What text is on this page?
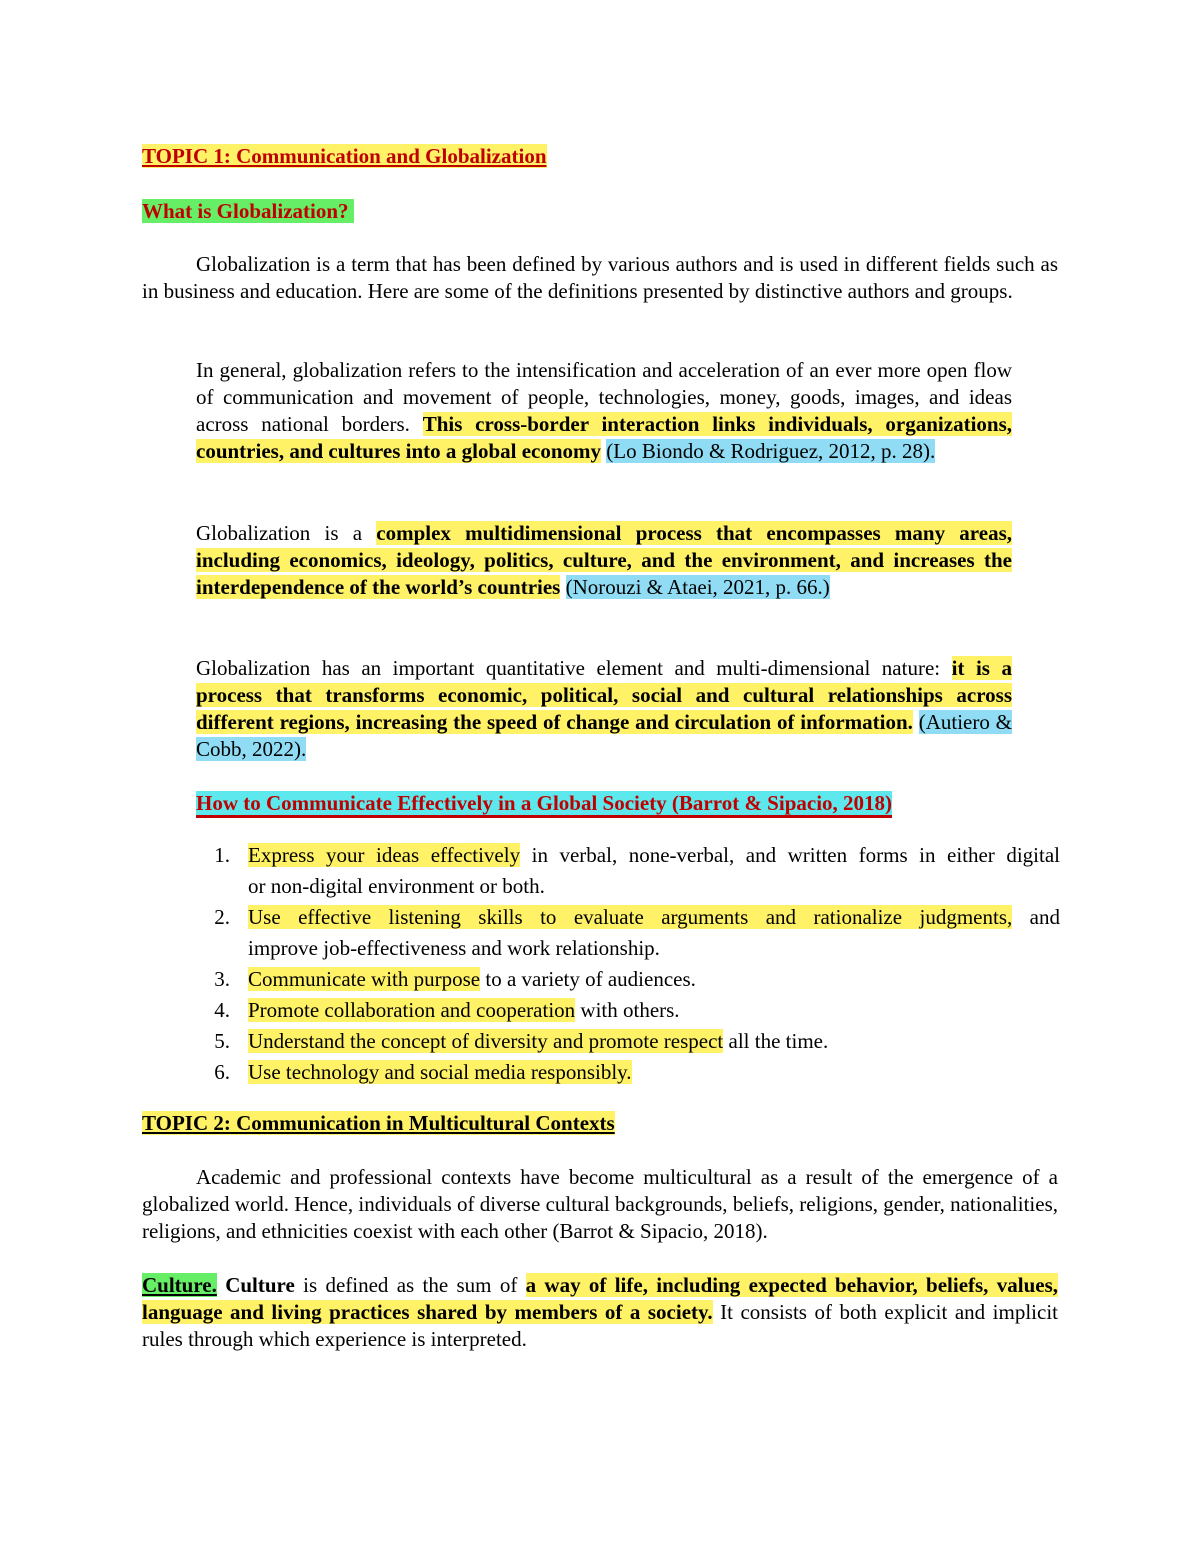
TOPIC 1: Communication and Globalization
What is Globalization?

Globalization is a term that has been defined by various authors and is used in different fields such as in business and education. Here are some of the definitions presented by distinctive authors and groups.

In general, globalization refers to the intensification and acceleration of an ever more open flow of communication and movement of people, technologies, money, goods, images, and ideas across national borders. This cross-border interaction links individuals, organizations, countries, and cultures into a global economy (Lo Biondo & Rodriguez, 2012, p. 28).

Globalization is a complex multidimensional process that encompasses many areas, including economics, ideology, politics, culture, and the environment, and increases the interdependence of the world’s countries (Norouzi & Ataei, 2021, p. 66.)

Globalization has an important quantitative element and multi-dimensional nature: it is a process that transforms economic, political, social and cultural relationships across different regions, increasing the speed of change and circulation of information. (Autiero & Cobb, 2022).

How to Communicate Effectively in a Global Society (Barrot & Sipacio, 2018)
1. Express your ideas effectively in verbal, none-verbal, and written forms in either digital
or non-digital environment or both.
2. Use effective listening skills to evaluate arguments and rationalize judgments, and
improve job-effectiveness and work relationship.
3. Communicate with purpose to a variety of audiences.
4. Promote collaboration and cooperation with others.
5. Understand the concept of diversity and promote respect all the time.
6. Use technology and social media responsibly.
TOPIC 2: Communication in Multicultural Contexts

Academic and professional contexts have become multicultural as a result of the emergence of a globalized world. Hence, individuals of diverse cultural backgrounds, beliefs, religions, gender, nationalities, religions, and ethnicities coexist with each other (Barrot & Sipacio, 2018).

Culture. Culture is defined as the sum of a way of life, including expected behavior, beliefs, values, language and living practices shared by members of a society. It consists of both explicit and implicit rules through which experience is interpreted.
